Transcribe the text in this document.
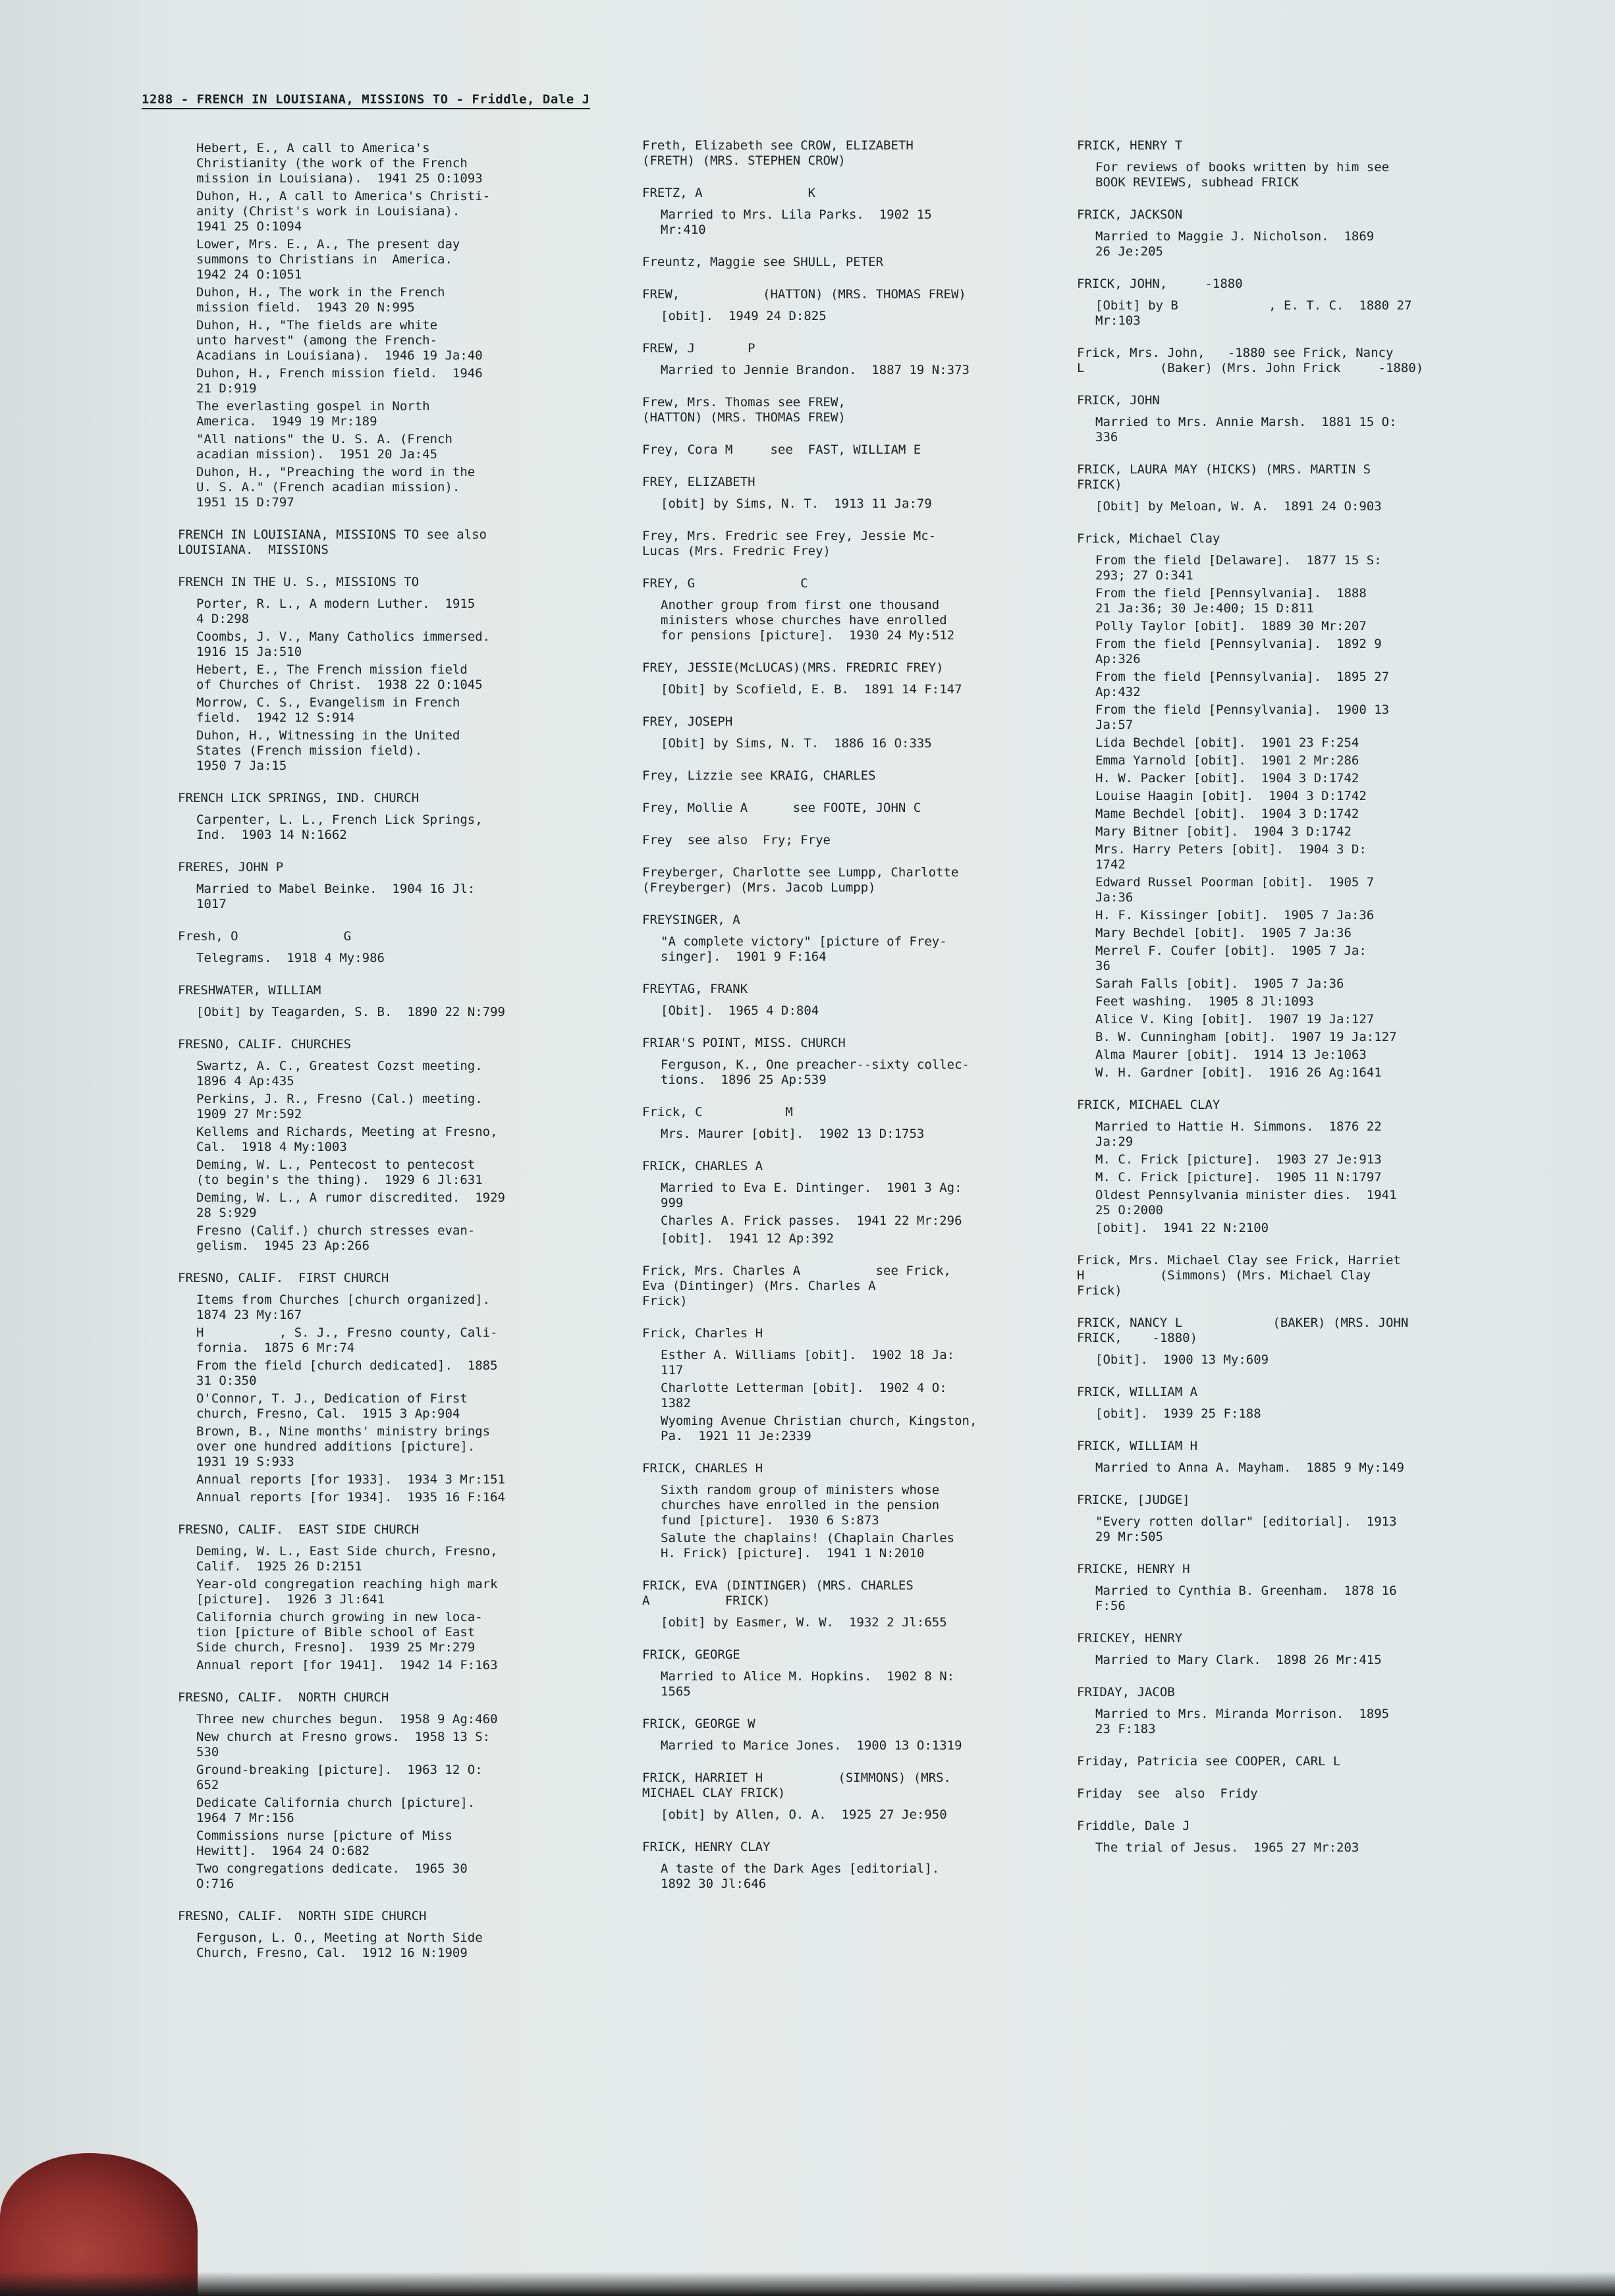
1288 - FRENCH IN LOUISIANA, MISSIONS TO - Friddle, Dale J
Hebert, E., A call to America's
Christianity (the work of the French
mission in Louisiana).  1941 25 O:1093
Duhon, H., A call to America's Christi-
anity (Christ's work in Louisiana).
1941 25 O:1094
Lower, Mrs. E., A., The present day
summons to Christians in  America.
1942 24 O:1051
Duhon, H., The work in the French
mission field.  1943 20 N:995
Duhon, H., "The fields are white
unto harvest" (among the French-
Acadians in Louisiana).  1946 19 Ja:40
Duhon, H., French mission field.  1946
21 D:919
The everlasting gospel in North
America.  1949 19 Mr:189
"All nations" the U. S. A. (French
acadian mission).  1951 20 Ja:45
Duhon, H., "Preaching the word in the
U. S. A." (French acadian mission).
1951 15 D:797
FRENCH IN LOUISIANA, MISSIONS TO see also
LOUISIANA.  MISSIONS
FRENCH IN THE U. S., MISSIONS TO
Porter, R. L., A modern Luther.  1915
4 D:298
Coombs, J. V., Many Catholics immersed.
1916 15 Ja:510
Hebert, E., The French mission field
of Churches of Christ.  1938 22 O:1045
Morrow, C. S., Evangelism in French
field.  1942 12 S:914
Duhon, H., Witnessing in the United
States (French mission field).
1950 7 Ja:15
FRENCH LICK SPRINGS, IND. CHURCH
Carpenter, L. L., French Lick Springs,
Ind.  1903 14 N:1662
FRERES, JOHN P
Married to Mabel Beinke.  1904 16 Jl:
1017
Fresh, O              G
Telegrams.  1918 4 My:986
FRESHWATER, WILLIAM
[Obit] by Teagarden, S. B.  1890 22 N:799
FRESNO, CALIF. CHURCHES
Swartz, A. C., Greatest Cozst meeting.
1896 4 Ap:435
Perkins, J. R., Fresno (Cal.) meeting.
1909 27 Mr:592
Kellems and Richards, Meeting at Fresno,
Cal.  1918 4 My:1003
Deming, W. L., Pentecost to pentecost
(to begin's the thing).  1929 6 Jl:631
Deming, W. L., A rumor discredited.  1929
28 S:929
Fresno (Calif.) church stresses evan-
gelism.  1945 23 Ap:266
FRESNO, CALIF.  FIRST CHURCH
Items from Churches [church organized].
1874 23 My:167
H          , S. J., Fresno county, Cali-
fornia.  1875 6 Mr:74
From the field [church dedicated].  1885
31 O:350
O'Connor, T. J., Dedication of First
church, Fresno, Cal.  1915 3 Ap:904
Brown, B., Nine months' ministry brings
over one hundred additions [picture].
1931 19 S:933
Annual reports [for 1933].  1934 3 Mr:151
Annual reports [for 1934].  1935 16 F:164
FRESNO, CALIF.  EAST SIDE CHURCH
Deming, W. L., East Side church, Fresno,
Calif.  1925 26 D:2151
Year-old congregation reaching high mark
[picture].  1926 3 Jl:641
California church growing in new loca-
tion [picture of Bible school of East
Side church, Fresno].  1939 25 Mr:279
Annual report [for 1941].  1942 14 F:163
FRESNO, CALIF.  NORTH CHURCH
Three new churches begun.  1958 9 Ag:460
New church at Fresno grows.  1958 13 S:
530
Ground-breaking [picture].  1963 12 O:
652
Dedicate California church [picture].
1964 7 Mr:156
Commissions nurse [picture of Miss
Hewitt].  1964 24 O:682
Two congregations dedicate.  1965 30
O:716
FRESNO, CALIF.  NORTH SIDE CHURCH
Ferguson, L. O., Meeting at North Side
Church, Fresno, Cal.  1912 16 N:1909
Freth, Elizabeth see CROW, ELIZABETH
(FRETH) (MRS. STEPHEN CROW)
FRETZ, A              K
Married to Mrs. Lila Parks.  1902 15
Mr:410
Freuntz, Maggie see SHULL, PETER
FREW,           (HATTON) (MRS. THOMAS FREW)
[obit].  1949 24 D:825
FREW, J       P
Married to Jennie Brandon.  1887 19 N:373
Frew, Mrs. Thomas see FREW,
(HATTON) (MRS. THOMAS FREW)
Frey, Cora M     see  FAST, WILLIAM E
FREY, ELIZABETH
[obit] by Sims, N. T.  1913 11 Ja:79
Frey, Mrs. Fredric see Frey, Jessie Mc-
Lucas (Mrs. Fredric Frey)
FREY, G              C
Another group from first one thousand
ministers whose churches have enrolled
for pensions [picture].  1930 24 My:512
FREY, JESSIE(McLUCAS)(MRS. FREDRIC FREY)
[Obit] by Scofield, E. B.  1891 14 F:147
FREY, JOSEPH
[Obit] by Sims, N. T.  1886 16 O:335
Frey, Lizzie see KRAIG, CHARLES
Frey, Mollie A      see FOOTE, JOHN C
Frey  see also  Fry; Frye
Freyberger, Charlotte see Lumpp, Charlotte
(Freyberger) (Mrs. Jacob Lumpp)
FREYSINGER, A
"A complete victory" [picture of Frey-
singer].  1901 9 F:164
FREYTAG, FRANK
[Obit].  1965 4 D:804
FRIAR'S POINT, MISS. CHURCH
Ferguson, K., One preacher--sixty collec-
tions.  1896 25 Ap:539
Frick, C           M
Mrs. Maurer [obit].  1902 13 D:1753
FRICK, CHARLES A
Married to Eva E. Dintinger.  1901 3 Ag:
999
Charles A. Frick passes.  1941 22 Mr:296
[obit].  1941 12 Ap:392
Frick, Mrs. Charles A          see Frick,
Eva (Dintinger) (Mrs. Charles A
Frick)
Frick, Charles H
Esther A. Williams [obit].  1902 18 Ja:
117
Charlotte Letterman [obit].  1902 4 O:
1382
Wyoming Avenue Christian church, Kingston,
Pa.  1921 11 Je:2339
FRICK, CHARLES H
Sixth random group of ministers whose
churches have enrolled in the pension
fund [picture].  1930 6 S:873
Salute the chaplains! (Chaplain Charles
H. Frick) [picture].  1941 1 N:2010
FRICK, EVA (DINTINGER) (MRS. CHARLES
A          FRICK)
[obit] by Easmer, W. W.  1932 2 Jl:655
FRICK, GEORGE
Married to Alice M. Hopkins.  1902 8 N:
1565
FRICK, GEORGE W
Married to Marice Jones.  1900 13 O:1319
FRICK, HARRIET H          (SIMMONS) (MRS.
MICHAEL CLAY FRICK)
[obit] by Allen, O. A.  1925 27 Je:950
FRICK, HENRY CLAY
A taste of the Dark Ages [editorial].
1892 30 Jl:646
FRICK, HENRY T
For reviews of books written by him see
BOOK REVIEWS, subhead FRICK
FRICK, JACKSON
Married to Maggie J. Nicholson.  1869
26 Je:205
FRICK, JOHN,     -1880
[Obit] by B            , E. T. C.  1880 27
Mr:103
Frick, Mrs. John,   -1880 see Frick, Nancy
L          (Baker) (Mrs. John Frick     -1880)
FRICK, JOHN
Married to Mrs. Annie Marsh.  1881 15 O:
336
FRICK, LAURA MAY (HICKS) (MRS. MARTIN S
FRICK)
[Obit] by Meloan, W. A.  1891 24 O:903
Frick, Michael Clay
From the field [Delaware].  1877 15 S:
293; 27 O:341
From the field [Pennsylvania].  1888
21 Ja:36; 30 Je:400; 15 D:811
Polly Taylor [obit].  1889 30 Mr:207
From the field [Pennsylvania].  1892 9
Ap:326
From the field [Pennsylvania].  1895 27
Ap:432
From the field [Pennsylvania].  1900 13
Ja:57
Lida Bechdel [obit].  1901 23 F:254
Emma Yarnold [obit].  1901 2 Mr:286
H. W. Packer [obit].  1904 3 D:1742
Louise Haagin [obit].  1904 3 D:1742
Mame Bechdel [obit].  1904 3 D:1742
Mary Bitner [obit].  1904 3 D:1742
Mrs. Harry Peters [obit].  1904 3 D:
1742
Edward Russel Poorman [obit].  1905 7
Ja:36
H. F. Kissinger [obit].  1905 7 Ja:36
Mary Bechdel [obit].  1905 7 Ja:36
Merrel F. Coufer [obit].  1905 7 Ja:
36
Sarah Falls [obit].  1905 7 Ja:36
Feet washing.  1905 8 Jl:1093
Alice V. King [obit].  1907 19 Ja:127
B. W. Cunningham [obit].  1907 19 Ja:127
Alma Maurer [obit].  1914 13 Je:1063
W. H. Gardner [obit].  1916 26 Ag:1641
FRICK, MICHAEL CLAY
Married to Hattie H. Simmons.  1876 22
Ja:29
M. C. Frick [picture].  1903 27 Je:913
M. C. Frick [picture].  1905 11 N:1797
Oldest Pennsylvania minister dies.  1941
25 O:2000
[obit].  1941 22 N:2100
Frick, Mrs. Michael Clay see Frick, Harriet
H          (Simmons) (Mrs. Michael Clay
Frick)
FRICK, NANCY L            (BAKER) (MRS. JOHN
FRICK,    -1880)
[Obit].  1900 13 My:609
FRICK, WILLIAM A
[obit].  1939 25 F:188
FRICK, WILLIAM H
Married to Anna A. Mayham.  1885 9 My:149
FRICKE, [JUDGE]
"Every rotten dollar" [editorial].  1913
29 Mr:505
FRICKE, HENRY H
Married to Cynthia B. Greenham.  1878 16
F:56
FRICKEY, HENRY
Married to Mary Clark.  1898 26 Mr:415
FRIDAY, JACOB
Married to Mrs. Miranda Morrison.  1895
23 F:183
Friday, Patricia see COOPER, CARL L
Friday  see  also  Fridy
Friddle, Dale J
The trial of Jesus.  1965 27 Mr:203
